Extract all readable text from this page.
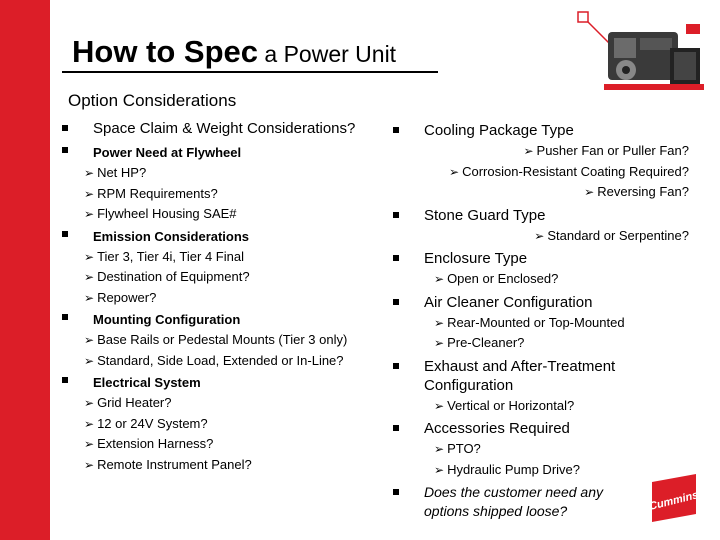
How to Spec a Power Unit
Option Considerations
Space Claim & Weight Considerations?
Power Need at Flywheel
➢ Net HP?
➢ RPM Requirements?
➢ Flywheel Housing SAE#
Emission Considerations
➢ Tier 3, Tier 4i, Tier 4 Final
➢ Destination of Equipment?
➢ Repower?
Mounting Configuration
➢ Base Rails or Pedestal Mounts (Tier 3 only)
➢ Standard, Side Load, Extended or In-Line?
Electrical System
➢ Grid Heater?
➢ 12 or 24V System?
➢ Extension Harness?
➢ Remote Instrument Panel?
Cooling Package Type
➢ Pusher Fan or Puller Fan?
➢ Corrosion-Resistant Coating Required?
➢ Reversing Fan?
Stone Guard Type
➢ Standard or Serpentine?
Enclosure Type
➢ Open or Enclosed?
Air Cleaner Configuration
➢ Rear-Mounted or Top-Mounted
➢ Pre-Cleaner?
Exhaust and After-Treatment Configuration
➢ Vertical or Horizontal?
Accessories Required
➢ PTO?
➢ Hydraulic Pump Drive?
Does the customer need any options shipped loose?	Cummins
